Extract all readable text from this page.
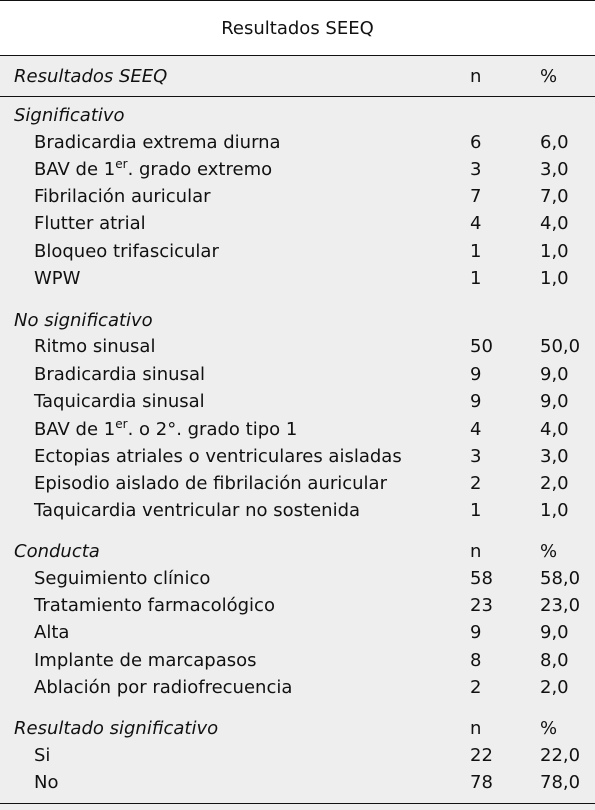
Resultados SEEQ
Resultados SEEQ	n	%
Significativo
Bradicardia extrema diurna	6	6,0
BAV de 1er. grado extremo	3	3,0
Fibrilación auricular	7	7,0
Flutter atrial	4	4,0
Bloqueo trifascicular	1	1,0
WPW	1	1,0
No significativo
Ritmo sinusal	50	50,0
Bradicardia sinusal	9	9,0
Taquicardia sinusal	9	9,0
BAV de 1er. o 2°. grado tipo 1	4	4,0
Ectopias atriales o ventriculares aisladas	3	3,0
Episodio aislado de fibrilación auricular	2	2,0
Taquicardia ventricular no sostenida	1	1,0
Conducta	n	%
Seguimiento clínico	58	58,0
Tratamiento farmacológico	23	23,0
Alta	9	9,0
Implante de marcapasos	8	8,0
Ablación por radiofrecuencia	2	2,0
Resultado significativo	n	%
Si	22	22,0
No	78	78,0
